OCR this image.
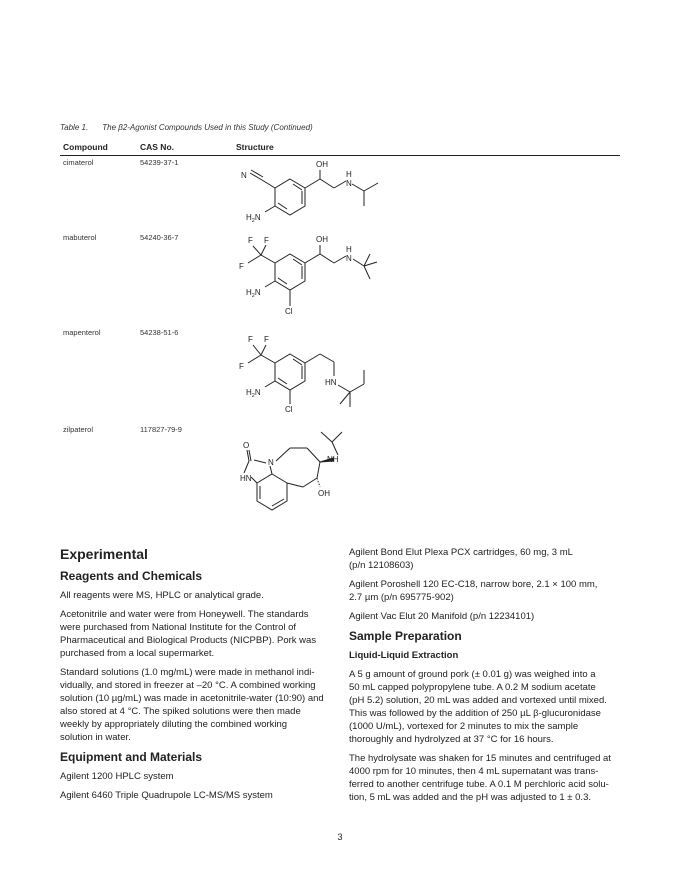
Table 1. The β2-Agonist Compounds Used in this Study (Continued)
Compound	CAS No.	Structure
cimaterol	54239-37-1
N
OH
H
N
$H_2N$
mabuterol	54240-36-7	F F
F
OH
H
N
$H_2N$
Cl
mapenterol	54238-51-6
F F
F
HN
$H_2N$
Cl
zilpaterol	117827-79-9
O
HN
N	NH
OH
Experimental
Reagents and Chemicals

All reagents were MS, HPLC or analytical grade.

Acetonitrile and water were from Honeywell. The standards
were purchased from National Institute for the Control of
Pharmaceutical and Biological Products (NICPBP). Pork was
purchased from a local supermarket.

Standard solutions (1.0 mg/mL) were made in methanol indi-
vidually, and stored in freezer at –20 °C. A combined working
solution (10 µg/mL) was made in acetonitrile-water (10:90) and
also stored at 4 °C. The spiked solutions were then made
weekly by appropriately diluting the combined working
solution in water.

Equipment and Materials

Agilent 1200 HPLC system

Agilent 6460 Triple Quadrupole LC-MS/MS system

Agilent Bond Elut Plexa PCX cartridges, 60 mg, 3 mL
(p/n 12108603)

Agilent Poroshell 120 EC-C18, narrow bore, 2.1 × 100 mm,
2.7 µm (p/n 695775-902)

Agilent Vac Elut 20 Manifold (p/n 12234101)

Sample Preparation
Liquid-Liquid Extraction

A 5 g amount of ground pork (± 0.01 g) was weighed into a
50 mL capped polypropylene tube. A 0.2 M sodium acetate
(pH 5.2) solution, 20 mL was added and vortexed until mixed.
This was followed by the addition of 250 µL β-glucuronidase
(1000 U/mL), vortexed for 2 minutes to mix the sample
thoroughly and hydrolyzed at 37 °C for 16 hours.

The hydrolysate was shaken for 15 minutes and centrifuged at
4000 rpm for 10 minutes, then 4 mL supernatant was trans-
ferred to another centrifuge tube. A 0.1 M perchloric acid solu-
tion, 5 mL was added and the pH was adjusted to 1 ± 0.3.

3
